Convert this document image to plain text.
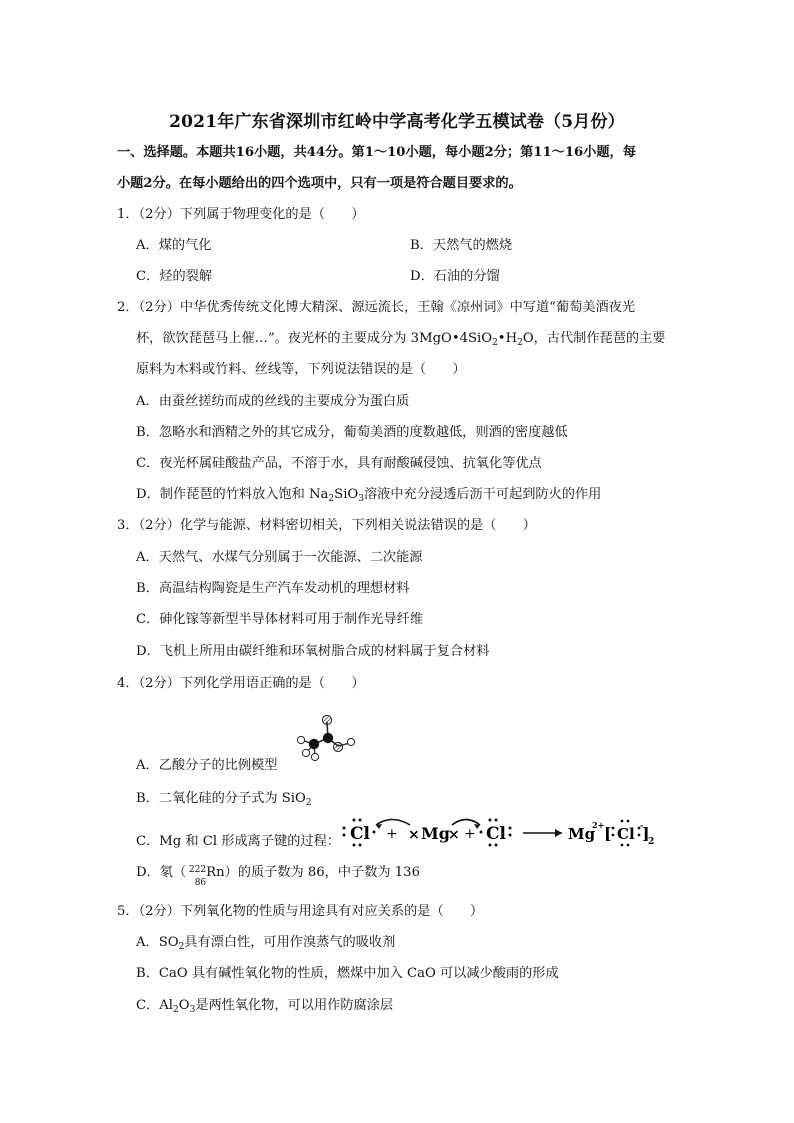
2021年广东省深圳市红岭中学高考化学五模试卷（5月份）
一、选择题。本题共16小题，共44分。第1～10小题，每小题2分；第11～16小题，每
小题2分。在每小题给出的四个选项中，只有一项是符合题目要求的。
1．（2分）下列属于物理变化的是（　　）
A．煤的气化	B．天然气的燃烧
C．烃的裂解	D．石油的分馏
2．（2分）中华优秀传统文化博大精深、源远流长，王翰《凉州词》中写道“葡萄美酒夜光
杯，欲饮琵琶马上催…”。夜光杯的主要成分为 $3MgO•4SiO_2•H_2O$，古代制作琵琶的主要
原料为木料或竹料、丝线等，下列说法错误的是（　　）
A．由蚕丝搓纺而成的丝线的主要成分为蛋白质
B．忽略水和酒精之外的其它成分，葡萄美酒的度数越低，则酒的密度越低
C．夜光杯属硅酸盐产品，不溶于水，具有耐酸碱侵蚀、抗氧化等优点
D．制作琵琶的竹料放入饱和 $Na_2SiO_3$溶液中充分浸透后沥干可起到防火的作用
3．（2分）化学与能源、材料密切相关，下列相关说法错误的是（　　）
A．天然气、水煤气分别属于一次能源、二次能源
B．高温结构陶瓷是生产汽车发动机的理想材料
C．砷化镓等新型半导体材料可用于制作光导纤维
D．飞机上所用由碳纤维和环氧树脂合成的材料属于复合材料
4．（2分）下列化学用语正确的是（　　）
A．乙酸分子的比例模型
B．二氧化硅的分子式为 SiO$_2$
C．Mg 和 Cl 形成离子键的过程： Cl + × Mg
× + Cl	Mg
2+ [ Cl ]
2
-
D．氡（ 222
86
Rn）的质子数为 86，中子数为 136
5．（2分）下列氧化物的性质与用途具有对应关系的是（　　）
A．$SO_2$具有漂白性，可用作溴蒸气的吸收剂
B．CaO 具有碱性氧化物的性质，燃煤中加入 CaO 可以减少酸雨的形成
C．$Al_2O_3$是两性氧化物，可以用作防腐涂层
